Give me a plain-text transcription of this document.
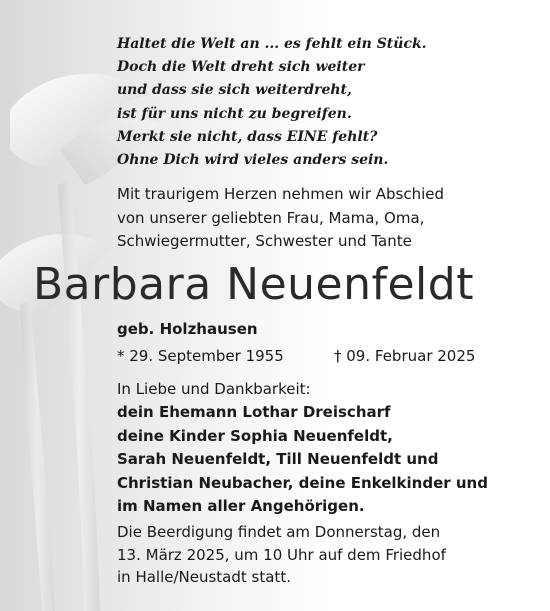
Haltet die Welt an ... es fehlt ein Stück.
Doch die Welt dreht sich weiter
und dass sie sich weiterdreht,
ist für uns nicht zu begreifen.
Merkt sie nicht, dass EINE fehlt?
Ohne Dich wird vieles anders sein.
Mit traurigem Herzen nehmen wir Abschied
von unserer geliebten Frau, Mama, Oma,
Schwiegermutter, Schwester und Tante
Barbara Neuenfeldt
geb. Holzhausen
* 29. September 1955	† 09. Februar 2025
In Liebe und Dankbarkeit:
dein Ehemann Lothar Dreischarf
deine Kinder Sophia Neuenfeldt,
Sarah Neuenfeldt, Till Neuenfeldt und
Christian Neubacher, deine Enkelkinder und
im Namen aller Angehörigen.
Die Beerdigung findet am Donnerstag, den
13. März 2025, um 10 Uhr auf dem Friedhof
in Halle/Neustadt statt.
